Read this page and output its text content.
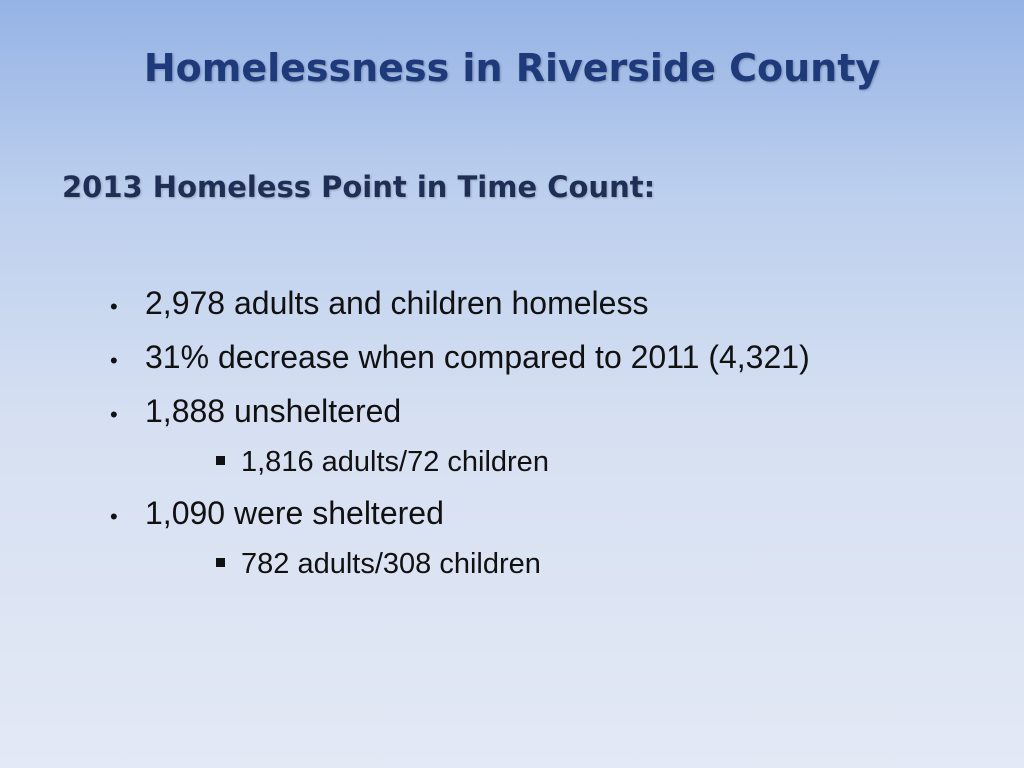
Homelessness in Riverside County
2013 Homeless Point in Time Count:
• 2,978 adults and children homeless
• 31% decrease when compared to 2011 (4,321)
• 1,888 unsheltered
1,816 adults/72 children
• 1,090 were sheltered
782 adults/308 children
